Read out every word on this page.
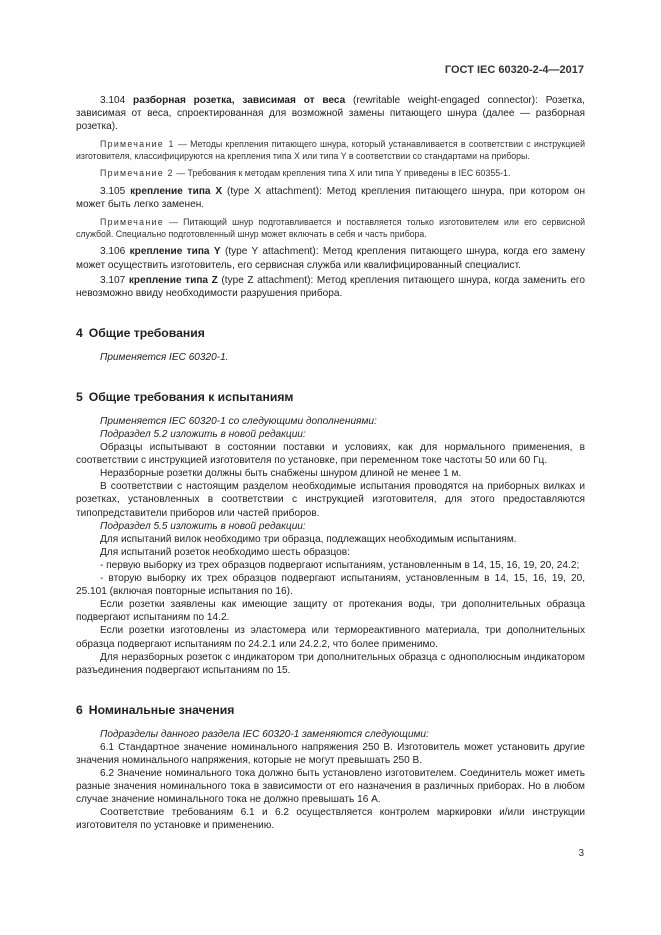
ГОСТ IEC 60320-2-4—2017

3.104 разборная розетка, зависимая от веса (rewritable weight-engaged connector): Розетка, зависимая от веса, спроектированная для возможной замены питающего шнура (далее — разборная розетка).

Примечание 1 — Методы крепления питающего шнура, который устанавливается в соответствии с инструкцией изготовителя, классифицируются на крепления типа X или типа Y в соответствии со стандартами на приборы.

Примечание 2 — Требования к методам крепления типа X или типа Y приведены в IEC 60355-1.

3.105 крепление типа X (type X attachment): Метод крепления питающего шнура, при котором он может быть легко заменен.

Примечание — Питающий шнур подготавливается и поставляется только изготовителем или его сервисной службой. Специально подготовленный шнур может включать в себя и часть прибора.

3.106 крепление типа Y (type Y attachment): Метод крепления питающего шнура, когда его замену может осуществить изготовитель, его сервисная служба или квалифицированный специалист.

3.107 крепление типа Z (type Z attachment): Метод крепления питающего шнура, когда заменить его невозможно ввиду необходимости разрушения прибора.

4 Общие требования

Применяется IEC 60320-1.

5 Общие требования к испытаниям

Применяется IEC 60320-1 со следующими дополнениями:

Подраздел 5.2 изложить в новой редакции:

Образцы испытывают в состоянии поставки и условиях, как для нормального применения, в соответствии с инструкцией изготовителя по установке, при переменном токе частоты 50 или 60 Гц.

Неразборные розетки должны быть снабжены шнуром длиной не менее 1 м.

В соответствии с настоящим разделом необходимые испытания проводятся на приборных вилках и розетках, установленных в соответствии с инструкцией изготовителя, для этого предоставляются типопредставители приборов или частей приборов.

Подраздел 5.5 изложить в новой редакции:

Для испытаний вилок необходимо три образца, подлежащих необходимым испытаниям.

Для испытаний розеток необходимо шесть образцов:

- первую выборку из трех образцов подвергают испытаниям, установленным в 14, 15, 16, 19, 20, 24.2;

- вторую выборку их трех образцов подвергают испытаниям, установленным в 14, 15, 16, 19, 20, 25.101 (включая повторные испытания по 16).

Если розетки заявлены как имеющие защиту от протекания воды, три дополнительных образца подвергают испытаниям по 14.2.

Если розетки изготовлены из эластомера или термореактивного материала, три дополнительных образца подвергают испытаниям по 24.2.1 или 24.2.2, что более применимо.

Для неразборных розеток с индикатором три дополнительных образца с однополюсным индикатором разъединения подвергают испытаниям по 15.

6 Номинальные значения

Подразделы данного раздела IEC 60320-1 заменяются следующими:

6.1 Стандартное значение номинального напряжения 250 В. Изготовитель может установить другие значения номинального напряжения, которые не могут превышать 250 В.

6.2 Значение номинального тока должно быть установлено изготовителем. Соединитель может иметь разные значения номинального тока в зависимости от его назначения в различных приборах. Но в любом случае значение номинального тока не должно превышать 16 А.

Соответствие требованиям 6.1 и 6.2 осуществляется контролем маркировки и/или инструкции изготовителя по установке и применению.

3
